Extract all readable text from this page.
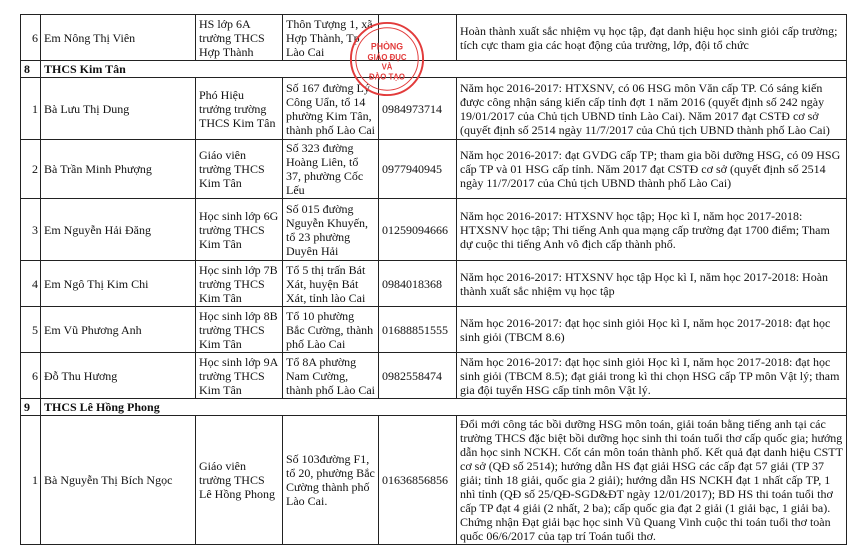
6	Em Nông Thị Viên	HS lớp 6A trường THCS Hợp Thành	Thôn Tượng 1, xã Hợp Thành, Tp Lào Cai		Hoàn thành xuất sắc nhiệm vụ học tập, đạt danh hiệu học sinh giỏi cấp trường; tích cực tham gia các hoạt động của trường, lớp, đội tổ chức
8	THCS Kim Tân				
1	Bà Lưu Thị Dung	Phó Hiệu trưởng trường THCS Kim Tân	Số 167 đường Lý Công Uẩn, tổ 14 phường Kim Tân, thành phố Lào Cai	0984973714	Năm học 2016-2017: HTXSNV, có 06 HSG môn Văn cấp TP. Có sáng kiến được công nhận sáng kiến cấp tỉnh đợt 1 năm 2016 (quyết định số 242 ngày 19/01/2017 của Chủ tịch UBND tỉnh Lào Cai). Năm 2017 đạt CSTĐ cơ sở (quyết định số 2514 ngày 11/7/2017 của Chủ tịch UBND thành phố Lào Cai)
2	Bà Trần Minh Phượng	Giáo viên trường THCS Kim Tân	Số 323 đường Hoàng Liên, tổ 37, phường Cốc Lếu	0977940945	Năm học 2016-2017: đạt GVDG cấp TP; tham gia bồi dưỡng HSG, có 09 HSG cấp TP và 01 HSG cấp tỉnh. Năm 2017 đạt CSTĐ cơ sở (quyết định số 2514 ngày 11/7/2017 của Chủ tịch UBND thành phố Lào Cai)
3	Em Nguyễn Hải Đăng	Học sinh lớp 6G trường THCS Kim Tân	Số 015 đường Nguyễn Khuyến, tổ 23 phường Duyên Hải	01259094666	Năm học 2016-2017: HTXSNV học tập; Học kì I, năm học 2017-2018: HTXSNV học tập; Thi tiếng Anh qua mạng cấp trường đạt 1700 điểm; Tham dự cuộc thi tiếng Anh vô địch cấp thành phố.
4	Em Ngô Thị Kim Chi	Học sinh lớp 7B trường THCS Kim Tân	Tổ 5 thị trấn Bát Xát, huyện Bát Xát, tỉnh lào Cai	0984018368	Năm học 2016-2017: HTXSNV học tập Học kì I, năm học 2017-2018: Hoàn thành xuất sắc nhiệm vụ học tập
5	Em Vũ Phương Anh	Học sinh lớp 8B trường THCS Kim Tân	Tổ 10 phường Bắc Cường, thành phố Lào Cai	01688851555	Năm học 2016-2017: đạt học sinh giỏi Học kì I, năm học 2017-2018: đạt học sinh giỏi (TBCM 8.6)
6	Đỗ Thu Hương	Học sinh lớp 9A trường THCS Kim Tân	Tổ 8A phường Nam Cường, thành phố Lào Cai	0982558474	Năm học 2016-2017: đạt học sinh giỏi Học kì I, năm học 2017-2018: đạt học sinh giỏi (TBCM 8.5); đạt giải trong kì thi chọn HSG cấp TP môn Vật lý; tham gia đội tuyển HSG cấp tỉnh môn Vật lý.
9	THCS Lê Hồng Phong				
1	Bà Nguyễn Thị Bích Ngọc	Giáo viên trường THCS Lê Hồng Phong	Số 103đường F1, tổ 20, phường Bắc Cường thành phố Lào Cai.	01636856856	Đổi mới công tác bồi dưỡng HSG môn toán, giải toán bằng tiếng anh tại các trường THCS đặc biệt bồi dưỡng học sinh thi toán tuổi thơ cấp quốc gia; hướng dẫn học sinh NCKH. Cốt cán môn toán thành phố. Kết quả đạt danh hiệu CSTT cơ sở (QĐ số 2514); hướng dẫn HS đạt giải HSG các cấp đạt 57 giải (TP 37 giải; tỉnh 18 giải, quốc gia 2 giải); hướng dẫn HS NCKH đạt 1 nhất cấp TP, 1 nhì tỉnh (QĐ số 25/QĐ-SGD&ĐT ngày 12/01/2017); BD HS thi toán tuổi thơ cấp TP đạt 4 giải (2 nhất, 2 ba); cấp quốc gia đạt 2 giải (1 giải bạc, 1 giải ba). Chứng nhận Đạt giải bạc học sinh Vũ Quang Vinh cuộc thi toán tuổi thơ toàn quốc 06/6/2017 của tạp trí Toán tuổi thơ.
PHÒNG
GIÁO ĐỤC
VÀ
ĐÀO TẠO
